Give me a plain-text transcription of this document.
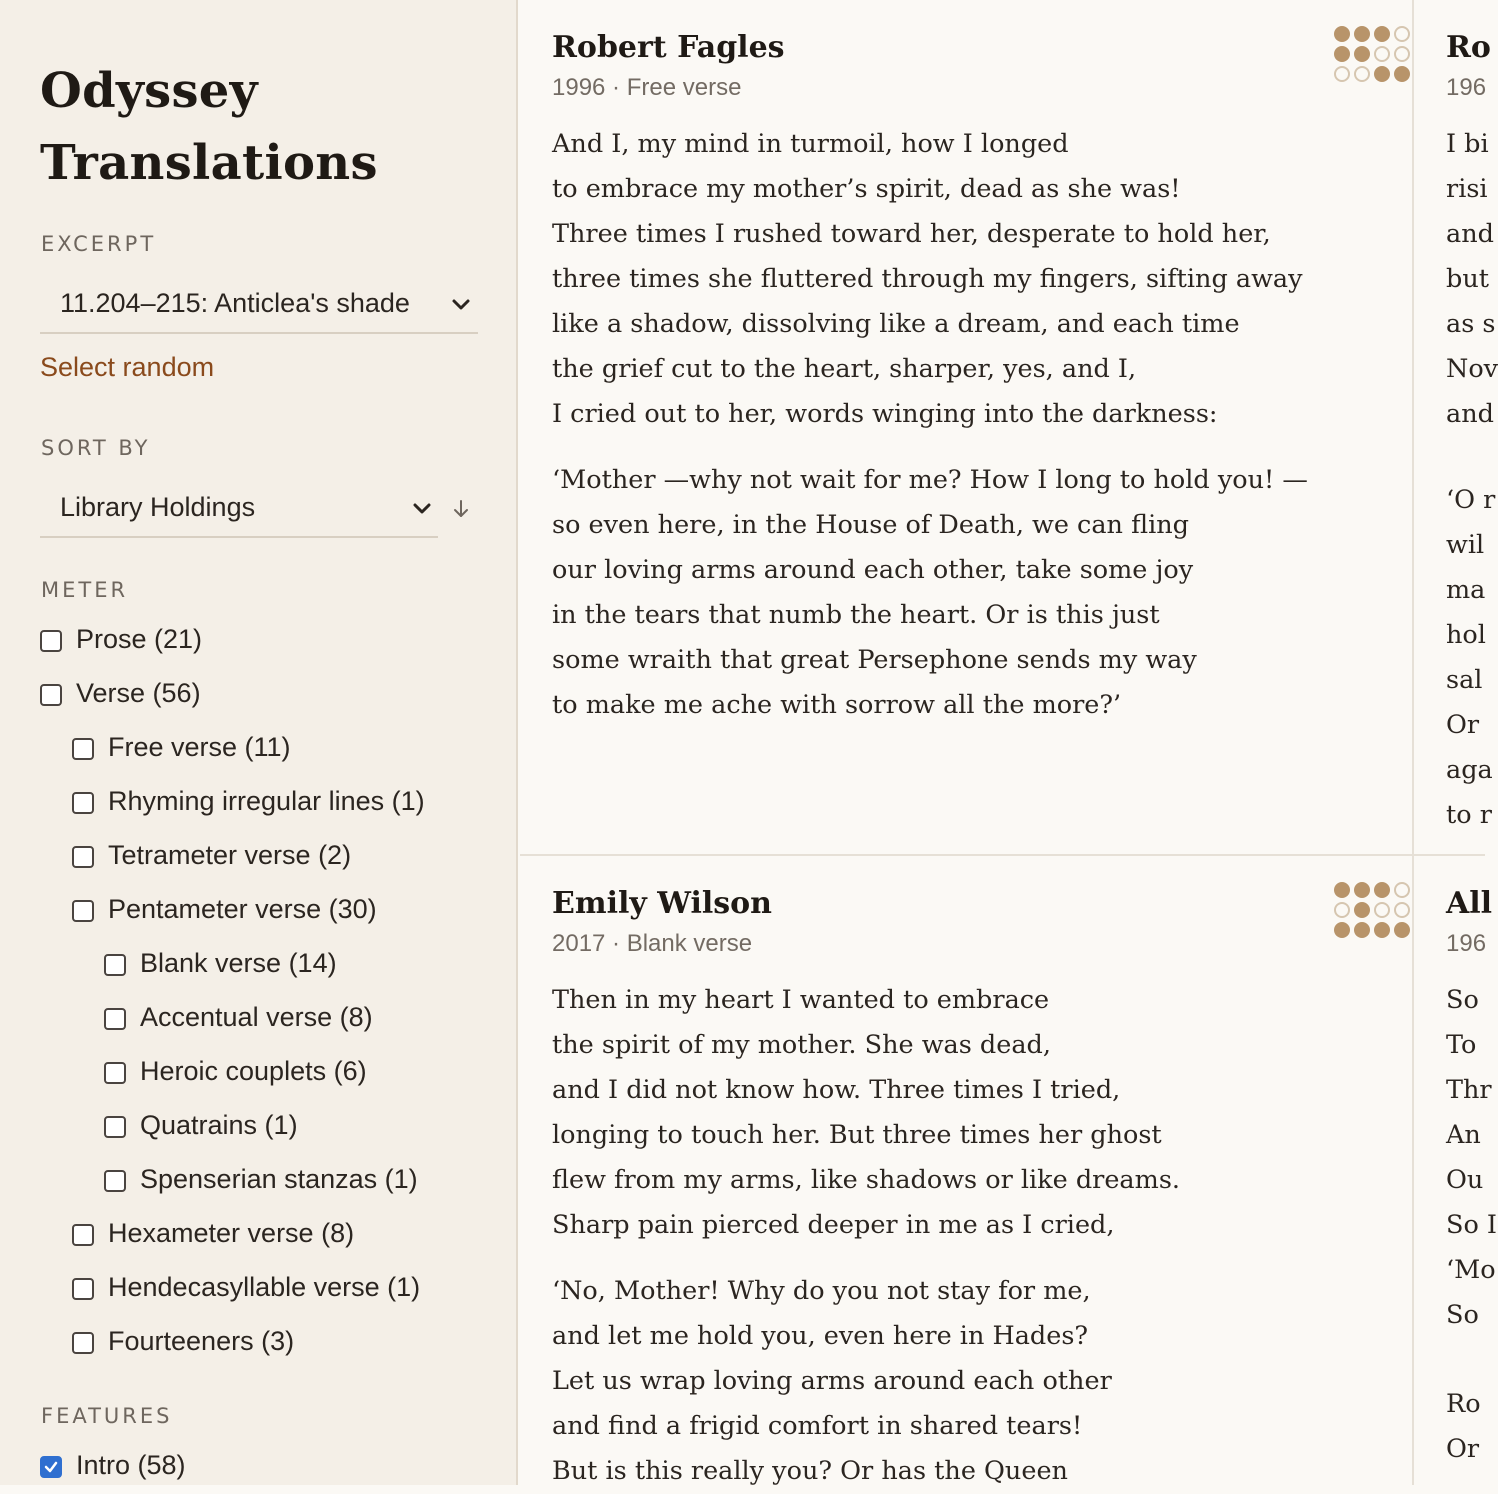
Odyssey
Translations
EXCERPT
11.204–215: Anticlea's shade
Select random
SORT BY
Library Holdings
METER
Prose (21)
Verse (56)
Free verse (11)
Rhyming irregular lines (1)
Tetrameter verse (2)
Pentameter verse (30)
Blank verse (14)
Accentual verse (8)
Heroic couplets (6)
Quatrains (1)
Spenserian stanzas (1)
Hexameter verse (8)
Hendecasyllable verse (1)
Fourteeners (3)
FEATURES
Intro (58)
Robert Fagles
1996 · Free verse

And I, my mind in turmoil, how I longed
to embrace my mother’s spirit, dead as she was!
Three times I rushed toward her, desperate to hold her,
three times she fluttered through my fingers, sifting away
like a shadow, dissolving like a dream, and each time
the grief cut to the heart, sharper, yes, and I,
I cried out to her, words winging into the darkness:

‘Mother —why not wait for me? How I long to hold you! —
so even here, in the House of Death, we can fling
our loving arms around each other, take some joy
in the tears that numb the heart. Or is this just
some wraith that great Persephone sends my way
to make me ache with sorrow all the more?’

Emily Wilson
2017 · Blank verse

Then in my heart I wanted to embrace
the spirit of my mother. She was dead,
and I did not know how. Three times I tried,
longing to touch her. But three times her ghost
flew from my arms, like shadows or like dreams.
Sharp pain pierced deeper in me as I cried,

‘No, Mother! Why do you not stay for me,
and let me hold you, even here in Hades?
Let us wrap loving arms around each other
and find a frigid comfort in shared tears!
But is this really you? Or has the Queen

Ro
196

I bi
risi
and
but
as s
Nov
and

‘O r
wil
ma
hol
sal
Or
aga
to r

All
196

So
To
Thr
An
Ou
So I
‘Mo
So

Ro
Or
